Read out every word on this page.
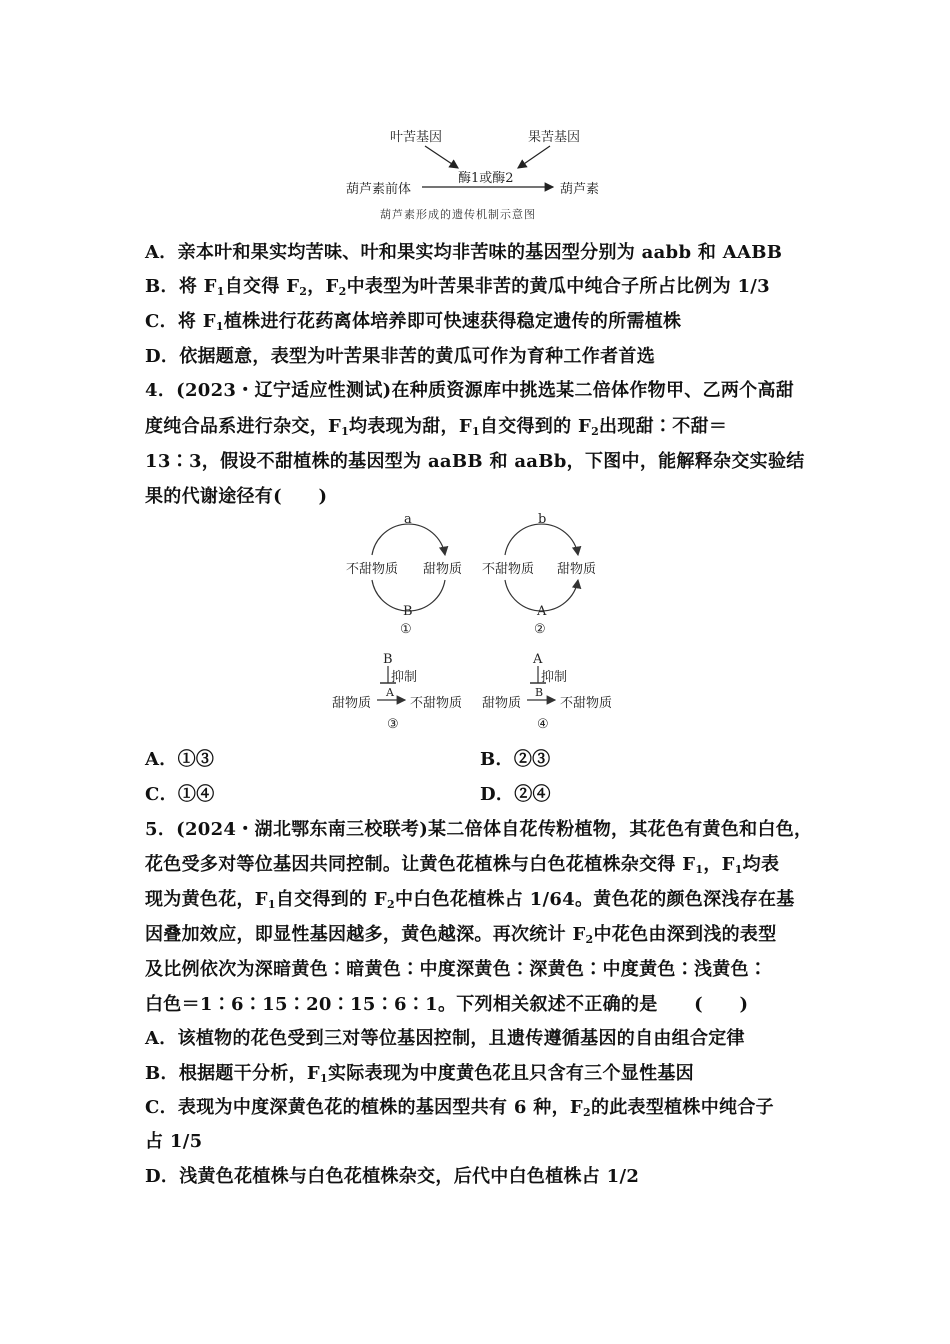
叶苦基因	果苦基因
酶1或酶2
葫芦素前体	葫芦素
葫芦素形成的遗传机制示意图
A．亲本叶和果实均苦味、叶和果实均非苦味的基因型分别为 aabb 和 AABB
B．将 $F_1$自交得 $F_2$，$F_2$中表型为叶苦果非苦的黄瓜中纯合子所占比例为 1/3
C．将 $F_1$植株进行花药离体培养即可快速获得稳定遗传的所需植株
D．依据题意，表型为叶苦果非苦的黄瓜可作为育种工作者首选
4．(2023・辽宁适应性测试)在种质资源库中挑选某二倍体作物甲、乙两个高甜
度纯合品系进行杂交，$F_1$均表现为甜，$F_1$自交得到的 $F_2$出现甜∶不甜＝
13∶3，假设不甜植株的基因型为 aaBB 和 aaBb，下图中，能解释杂交实验结
果的代谢途径有(　　)
a
不甜物质 甜物质
B
①
b
不甜物质 甜物质
A
②
B
抑制
甜物质
A
不甜物质
③
A
抑制
甜物质
B
不甜物质
④
A．①③	B．②③
C．①④	D．②④
5．(2024・湖北鄂东南三校联考)某二倍体自花传粉植物，其花色有黄色和白色，
花色受多对等位基因共同控制。让黄色花植株与白色花植株杂交得 $F_1$，$F_1$均表
现为黄色花，$F_1$自交得到的 $F_2$中白色花植株占 1/64。黄色花的颜色深浅存在基
因叠加效应，即显性基因越多，黄色越深。再次统计 $F_2$中花色由深到浅的表型
及比例依次为深暗黄色∶暗黄色∶中度深黄色∶深黄色∶中度黄色∶浅黄色∶
白色＝1∶6∶15∶20∶15∶6∶1。下列相关叙述不正确的是　　(　　)
A．该植物的花色受到三对等位基因控制，且遗传遵循基因的自由组合定律
B．根据题干分析，$F_1$实际表现为中度黄色花且只含有三个显性基因
C．表现为中度深黄色花的植株的基因型共有 6 种，$F_2$的此表型植株中纯合子
占 1/5
D．浅黄色花植株与白色花植株杂交，后代中白色植株占 1/2
